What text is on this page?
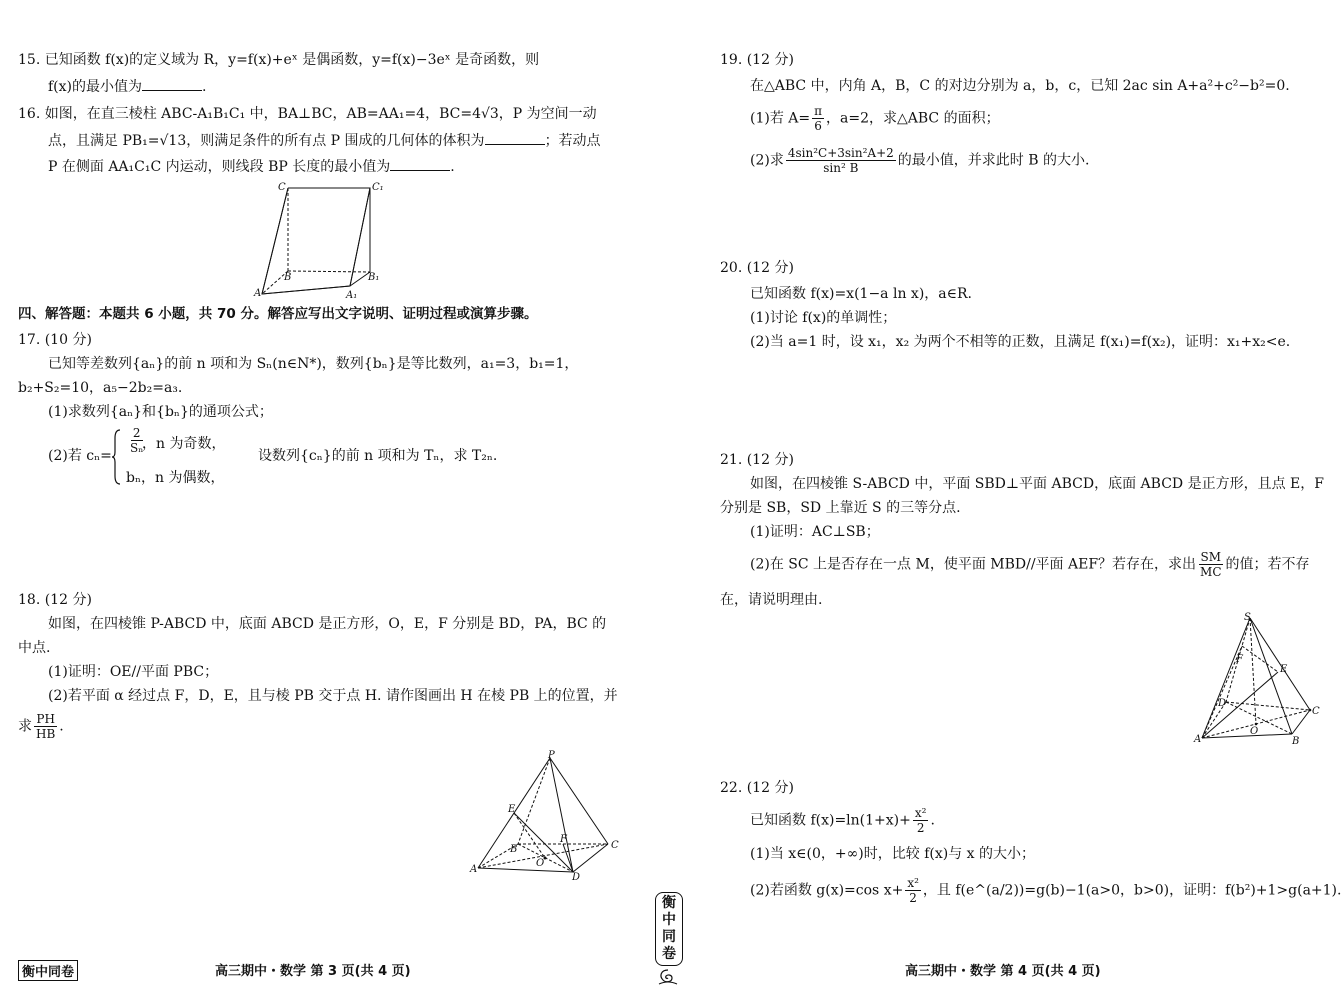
15. 已知函数 f(x)的定义域为 R，y=f(x)+eˣ 是偶函数，y=f(x)−3eˣ 是奇函数，则
f(x)的最小值为	.
16. 如图，在直三棱柱 ABC-A₁B₁C₁ 中，BA⊥BC，AB=AA₁=4，BC=4√3，P 为空间一动
点，且满足 PB₁=√13，则满足条件的所有点 P 围成的几何体的体积为	；若动点
P 在侧面 AA₁C₁C 内运动，则线段 BP 长度的最小值为	.
C	C₁
B	B₁
A	A₁
四、解答题：本题共 6 小题，共 70 分。解答应写出文字说明、证明过程或演算步骤。
17. (10 分)
已知等差数列{aₙ}的前 n 项和为 Sₙ(n∈N*)，数列{bₙ}是等比数列，a₁=3，b₁=1，
b₂+S₂=10，a₅−2b₂=a₃.
(1)求数列{aₙ}和{bₙ}的通项公式；
(2)若 cₙ=
$\frac{2}{\text{Sₙ}}$
，n 为奇数，
bₙ，n 为偶数，
设数列{cₙ}的前 n 项和为 Tₙ，求 T₂ₙ.
18. (12 分)
如图，在四棱锥 P-ABCD 中，底面 ABCD 是正方形，O，E，F 分别是 BD，PA，BC 的
中点.
(1)证明：OE//平面 PBC；
(2)若平面 α 经过点 F，D，E，且与棱 PB 交于点 H. 请作图画出 H 在棱 PB 上的位置，并
求 $\frac{PH}{HB}$ .
P
E
B
F
C
O
A
D
衡中同卷	高三期中・数学 第 3 页(共 4 页)
衡
中
同
卷
19. (12 分)
在△ABC 中，内角 A，B，C 的对边分别为 a，b，c，已知 2ac sin A+a²+c²−b²=0.
(1)若 $A= \frac{\pi}{6}$ ，a=2，求△ABC 的面积；
(2)求 $\frac{\text{4sin²C+3sin²A+2}}{\text{sin² B}}$ 的最小值，并求此时 B 的大小.
20. (12 分)
已知函数 f(x)=x(1−a ln x)，a∈R.
(1)讨论 f(x)的单调性；
(2)当 a=1 时，设 x₁，x₂ 为两个不相等的正数，且满足 f(x₁)=f(x₂)，证明：x₁+x₂<e.
21. (12 分)
如图，在四棱锥 S-ABCD 中，平面 SBD⊥平面 ABCD，底面 ABCD 是正方形，且点 E，F
分别是 SB，SD 上靠近 S 的三等分点.
(1)证明：AC⊥SB；
(2)在 SC 上是否存在一点 M，使平面 MBD//平面 AEF？若存在，求出 $\frac{SM}{MC}$ 的值；若不存
在，请说明理由.
S
F
E
D
C
O
A	B
22. (12 分)
已知函数 $f(x)=\ln(1+x)+ \frac{\text{x²}}{2}$ .
(1)当 x∈(0，+∞)时，比较 f(x)与 x 的大小；
(2)若函数 g(x)=cos $x+ \frac{\text{x²}}{2}$ ，且 f(e^(a/2))=g(b)−1(a>0，b>0)，证明：f(b²)+1>g(a+1).
高三期中・数学 第 4 页(共 4 页)
